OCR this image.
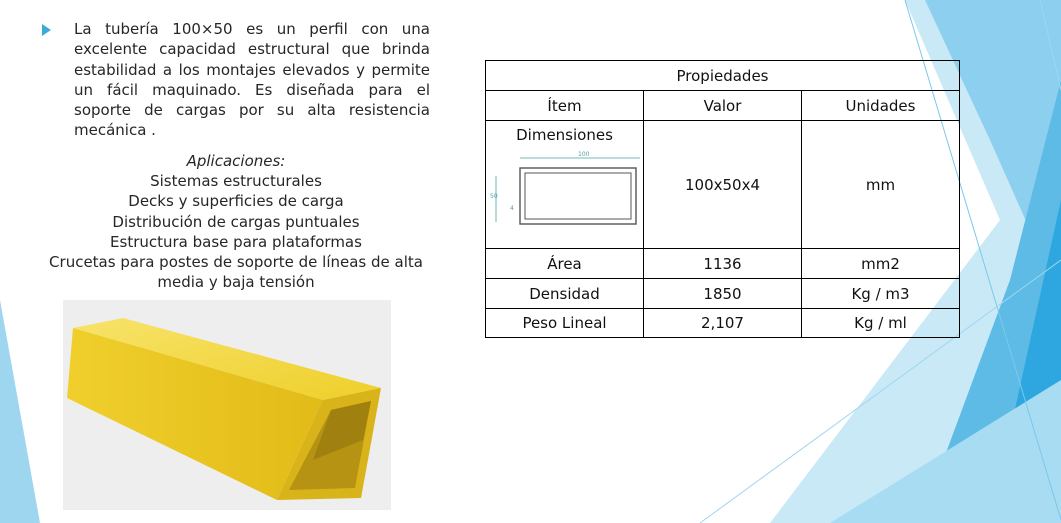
La tubería 100×50 es un perfil con una excelente capacidad estructural que brinda estabilidad a los montajes elevados y permite un fácil maquinado. Es diseñada para el soporte de cargas por su alta resistencia mecánica .
Aplicaciones:
Sistemas estructurales
Decks y superficies de carga
Distribución de cargas puntuales
Estructura base para plataformas
Crucetas para postes de soporte de líneas de alta
media y baja tensión
Propiedades		
Ítem	Valor	Unidades

Dimensiones
100
50
4	100x50x4	mm
Área	1136	mm2
Densidad	1850	Kg / m3
Peso Lineal	2,107	Kg / ml
